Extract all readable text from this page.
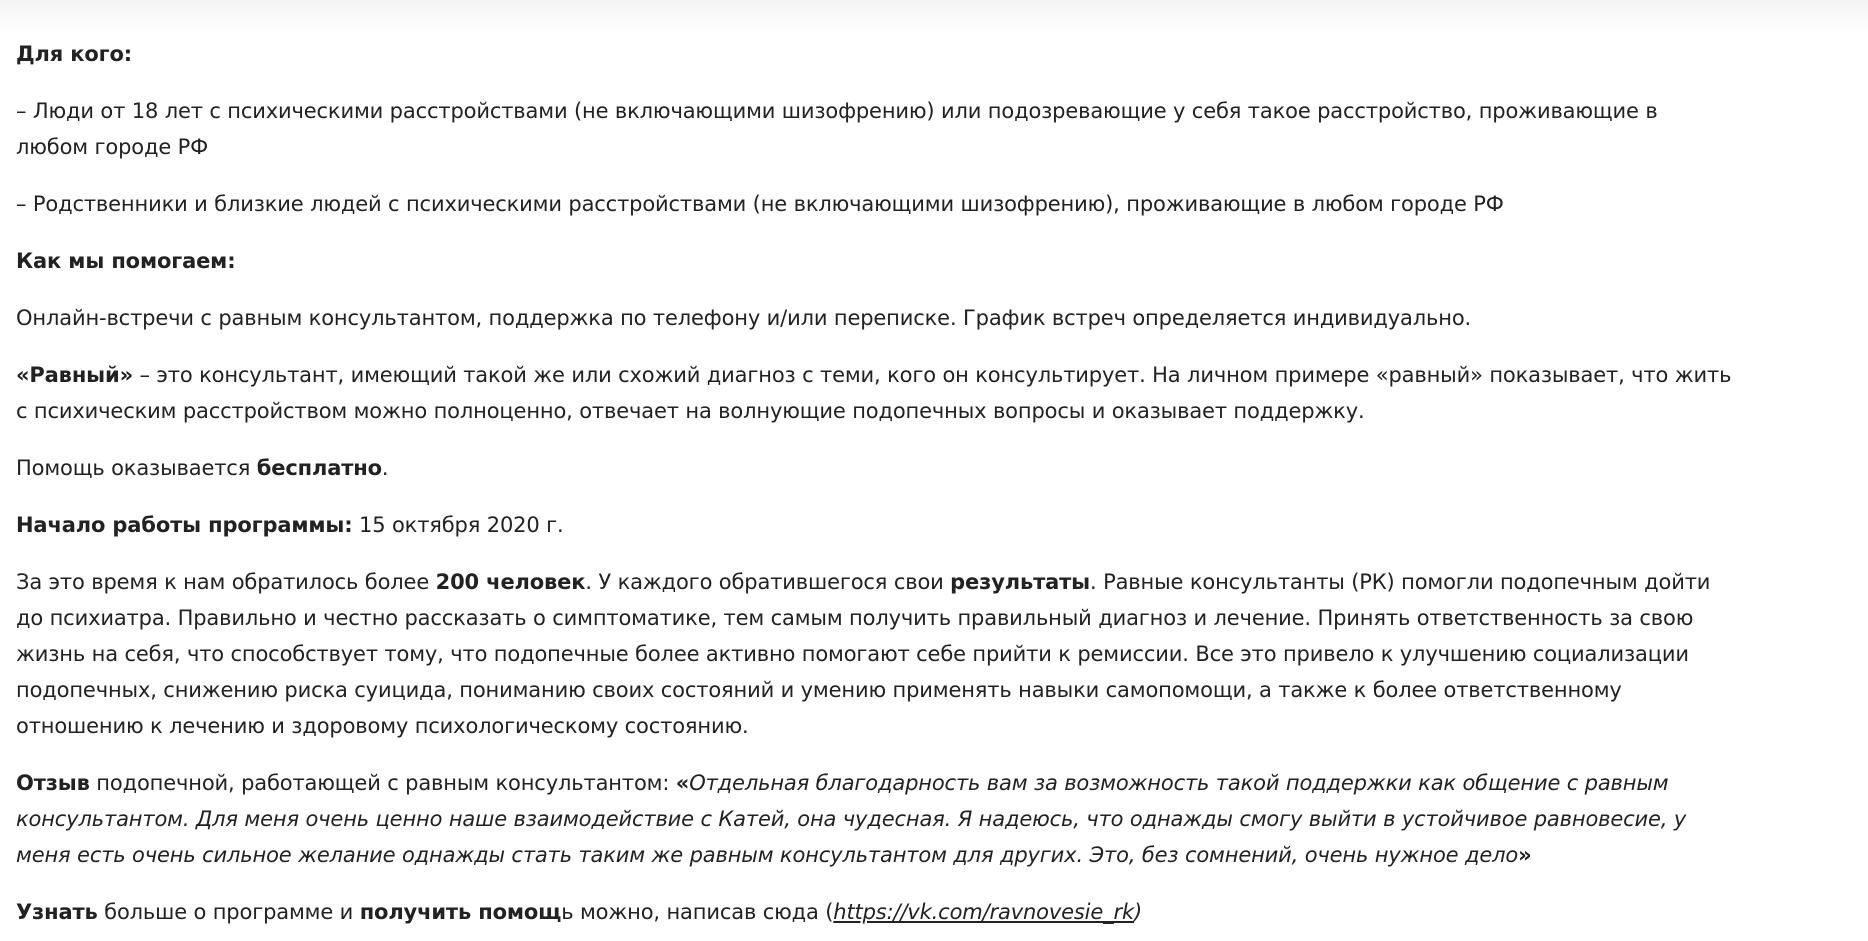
Для кого:

– Люди от 18 лет с психическими расстройствами (не включающими шизофрению) или подозревающие у себя такое расстройство, проживающие в любом городе РФ

– Родственники и близкие людей с психическими расстройствами (не включающими шизофрению), проживающие в любом городе РФ

Как мы помогаем:

Онлайн-встречи с равным консультантом, поддержка по телефону и/или переписке. График встреч определяется индивидуально.

«Равный» – это консультант, имеющий такой же или схожий диагноз с теми, кого он консультирует. На личном примере «равный» показывает, что жить с психическим расстройством можно полноценно, отвечает на волнующие подопечных вопросы и оказывает поддержку.

Помощь оказывается бесплатно.

Начало работы программы: 15 октября 2020 г.

За это время к нам обратилось более 200 человек. У каждого обратившегося свои результаты. Равные консультанты (РК) помогли подопечным дойти до психиатра. Правильно и честно рассказать о симптоматике, тем самым получить правильный диагноз и лечение. Принять ответственность за свою жизнь на себя, что способствует тому, что подопечные более активно помогают себе прийти к ремиссии. Все это привело к улучшению социализации подопечных, снижению риска суицида, пониманию своих состояний и умению применять навыки самопомощи, а также к более ответственному отношению к лечению и здоровому психологическому состоянию.

Отзыв подопечной, работающей с равным консультантом: «Отдельная благодарность вам за возможность такой поддержки как общение с равным консультантом. Для меня очень ценно наше взаимодействие с Катей, она чудесная. Я надеюсь, что однажды смогу выйти в устойчивое равновесие, у меня есть очень сильное желание однажды стать таким же равным консультантом для других. Это, без сомнений, очень нужное дело»

Узнать больше о программе и получить помощь можно, написав сюда (https://vk.com/ravnovesie_rk)
